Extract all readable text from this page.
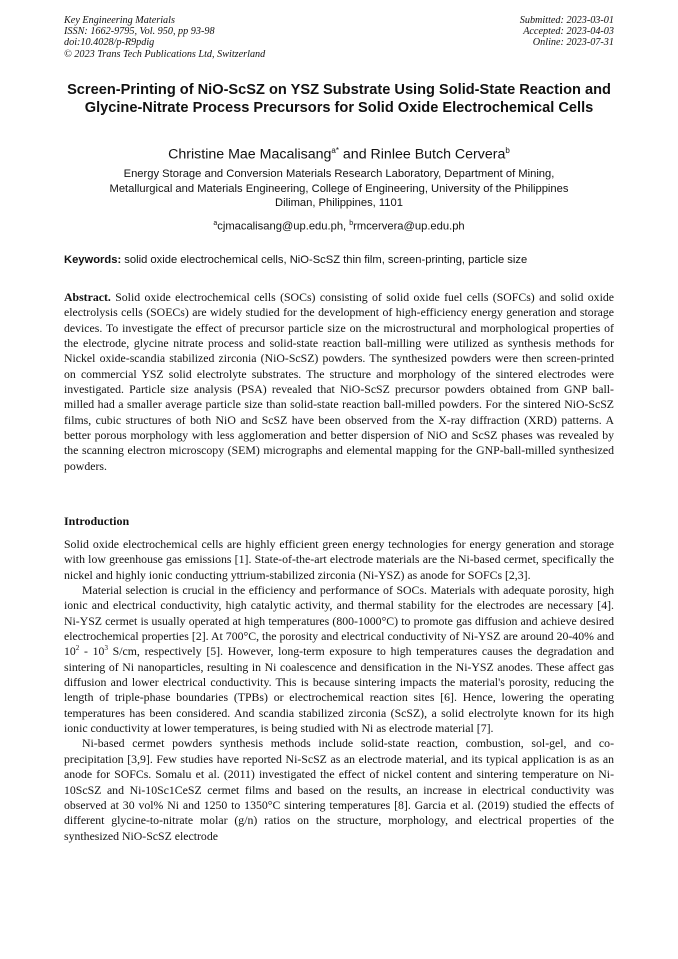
Key Engineering Materials
ISSN: 1662-9795, Vol. 950, pp 93-98
doi:10.4028/p-R9pdig
© 2023 Trans Tech Publications Ltd, Switzerland
Submitted: 2023-03-01
Accepted: 2023-04-03
Online: 2023-07-31
Screen-Printing of NiO-ScSZ on YSZ Substrate Using Solid-State Reaction and Glycine-Nitrate Process Precursors for Solid Oxide Electrochemical Cells
Christine Mae Macalisang$^{a*}$ and Rinlee Butch Cervera$^b$
Energy Storage and Conversion Materials Research Laboratory, Department of Mining,
Metallurgical and Materials Engineering, College of Engineering, University of the Philippines
Diliman, Philippines, 1101
$^a$cjmacalisang@up.edu.ph, $^b$rmcervera@up.edu.ph
Keywords: solid oxide electrochemical cells, NiO-ScSZ thin film, screen-printing, particle size
Abstract. Solid oxide electrochemical cells (SOCs) consisting of solid oxide fuel cells (SOFCs) and solid oxide electrolysis cells (SOECs) are widely studied for the development of high-efficiency energy generation and storage devices. To investigate the effect of precursor particle size on the microstructural and morphological properties of the electrode, glycine nitrate process and solid-state reaction ball-milling were utilized as synthesis methods for Nickel oxide-scandia stabilized zirconia (NiO-ScSZ) powders. The synthesized powders were then screen-printed on commercial YSZ solid electrolyte substrates. The structure and morphology of the sintered electrodes were investigated. Particle size analysis (PSA) revealed that NiO-ScSZ precursor powders obtained from GNP ball-milled had a smaller average particle size than solid-state reaction ball-milled powders. For the sintered NiO-ScSZ films, cubic structures of both NiO and ScSZ have been observed from the X-ray diffraction (XRD) patterns. A better porous morphology with less agglomeration and better dispersion of NiO and ScSZ phases was revealed by the scanning electron microscopy (SEM) micrographs and elemental mapping for the GNP-ball-milled synthesized powders.
Introduction

Solid oxide electrochemical cells are highly efficient green energy technologies for energy generation and storage with low greenhouse gas emissions [1]. State-of-the-art electrode materials are the Ni-based cermet, specifically the nickel and highly ionic conducting yttrium-stabilized zirconia (Ni-YSZ) as anode for SOFCs [2,3].

Material selection is crucial in the efficiency and performance of SOCs. Materials with adequate porosity, high ionic and electrical conductivity, high catalytic activity, and thermal stability for the electrodes are necessary [4]. Ni-YSZ cermet is usually operated at high temperatures (800-1000°C) to promote gas diffusion and achieve desired electrochemical properties [2]. At 700°C, the porosity and electrical conductivity of Ni-YSZ are around 20-40% and $10^2 - 10^3$ S/cm, respectively [5]. However, long-term exposure to high temperatures causes the degradation and sintering of Ni nanoparticles, resulting in Ni coalescence and densification in the Ni-YSZ anodes. These affect gas diffusion and lower electrical conductivity. This is because sintering impacts the material's porosity, reducing the length of triple-phase boundaries (TPBs) or electrochemical reaction sites [6]. Hence, lowering the operating temperatures has been considered. And scandia stabilized zirconia (ScSZ), a solid electrolyte known for its high ionic conductivity at lower temperatures, is being studied with Ni as electrode material [7].

Ni-based cermet powders synthesis methods include solid-state reaction, combustion, sol-gel, and co-precipitation [3,9]. Few studies have reported Ni-ScSZ as an electrode material, and its typical application is as an anode for SOFCs. Somalu et al. (2011) investigated the effect of nickel content and sintering temperature on Ni-10ScSZ and Ni-10Sc1CeSZ cermet films and based on the results, an increase in electrical conductivity was observed at 30 vol% Ni and 1250 to 1350°C sintering temperatures [8]. Garcia et al. (2019) studied the effects of different glycine-to-nitrate molar (g/n) ratios on the structure, morphology, and electrical properties of the synthesized NiO-ScSZ electrode
